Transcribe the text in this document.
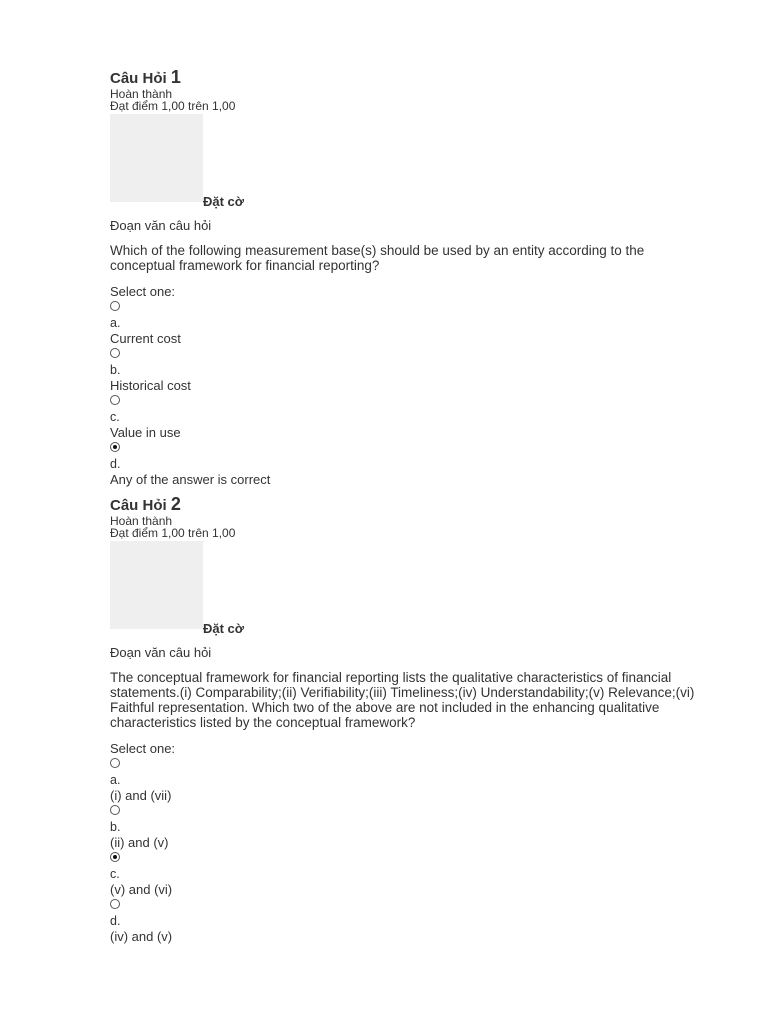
Câu Hỏi 1
Hoàn thành
Đạt điểm 1,00 trên 1,00
Đặt cờ
Đoạn văn câu hỏi
Which of the following measurement base(s) should be used by an entity according to the conceptual framework for financial reporting?
Select one:
a.
Current cost
b.
Historical cost
c.
Value in use
d.
Any of the answer is correct
Câu Hỏi 2
Hoàn thành
Đạt điểm 1,00 trên 1,00
Đặt cờ
Đoạn văn câu hỏi
The conceptual framework for financial reporting lists the qualitative characteristics of financial statements.(i) Comparability;(ii) Verifiability;(iii) Timeliness;(iv) Understandability;(v) Relevance;(vi) Faithful representation. Which two of the above are not included in the enhancing qualitative characteristics listed by the conceptual framework?
Select one:
a.
(i) and (vii)
b.
(ii) and (v)
c.
(v) and (vi)
d.
(iv) and (v)
